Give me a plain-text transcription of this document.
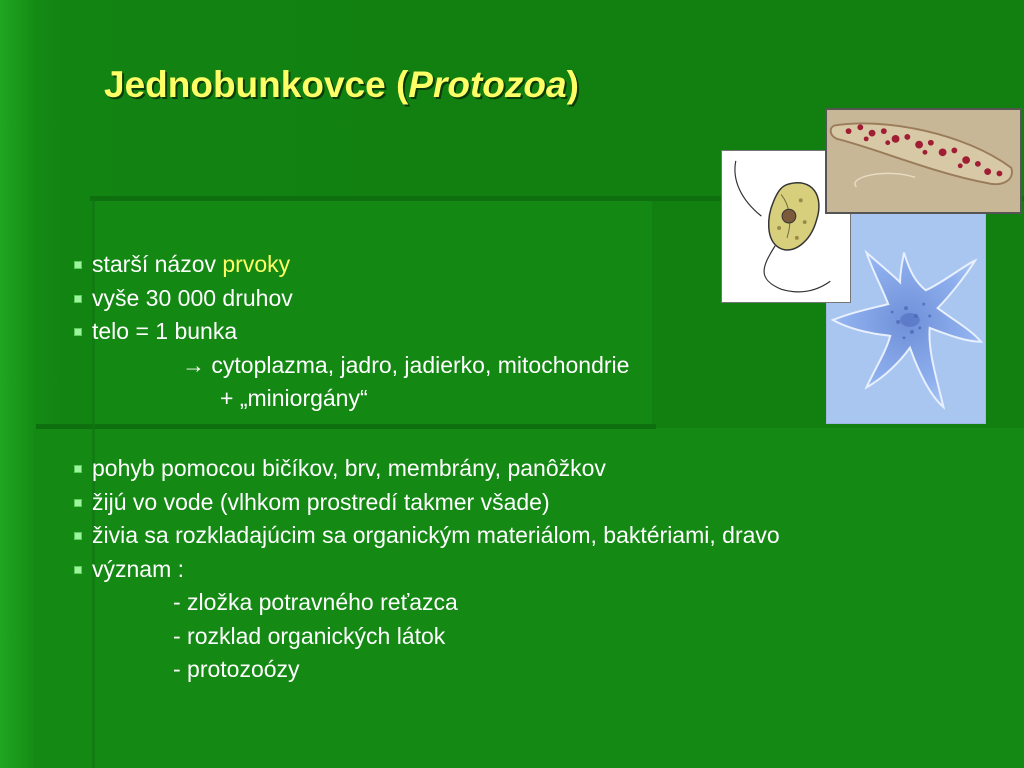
Jednobunkovce (Protozoa)
starší názov prvoky
vyše 30 000 druhov
telo = 1 bunka
→ cytoplazma, jadro, jadierko, mitochondrie
+ „miniorgány“
pohyb pomocou bičíkov, brv, membrány, panôžkov
žijú vo vode (vlhkom prostredí takmer všade)
živia sa rozkladajúcim sa organickým materiálom, baktériami, dravo
význam :
- zložka potravného reťazca
- rozklad organických látok
- protozoózy
